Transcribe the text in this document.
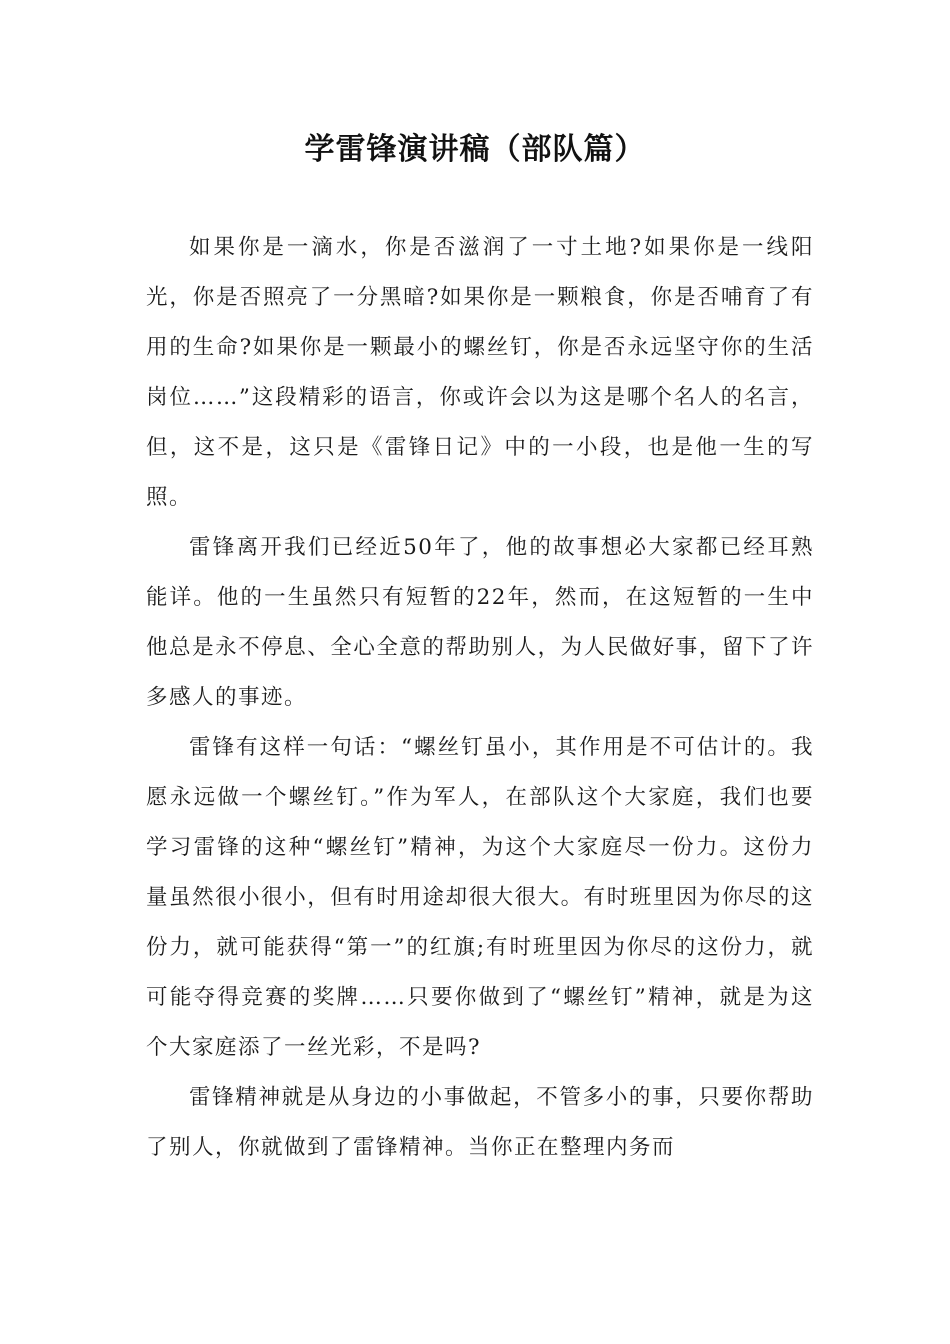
学雷锋演讲稿（部队篇）

如果你是一滴水，你是否滋润了一寸土地?如果你是一线阳光，你是否照亮了一分黑暗?如果你是一颗粮食，你是否哺育了有用的生命?如果你是一颗最小的螺丝钉，你是否永远坚守你的生活岗位……”这段精彩的语言，你或许会以为这是哪个名人的名言，但，这不是，这只是《雷锋日记》中的一小段，也是他一生的写照。

雷锋离开我们已经近50年了，他的故事想必大家都已经耳熟能详。他的一生虽然只有短暂的22年，然而，在这短暂的一生中他总是永不停息、全心全意的帮助别人，为人民做好事，留下了许多感人的事迹。

雷锋有这样一句话：“螺丝钉虽小，其作用是不可估计的。我愿永远做一个螺丝钉。”作为军人，在部队这个大家庭，我们也要学习雷锋的这种“螺丝钉”精神，为这个大家庭尽一份力。这份力量虽然很小很小，但有时用途却很大很大。有时班里因为你尽的这份力，就可能获得“第一”的红旗;有时班里因为你尽的这份力，就可能夺得竞赛的奖牌……只要你做到了“螺丝钉”精神，就是为这个大家庭添了一丝光彩，不是吗?

雷锋精神就是从身边的小事做起，不管多小的事，只要你帮助了别人，你就做到了雷锋精神。当你正在整理内务而
